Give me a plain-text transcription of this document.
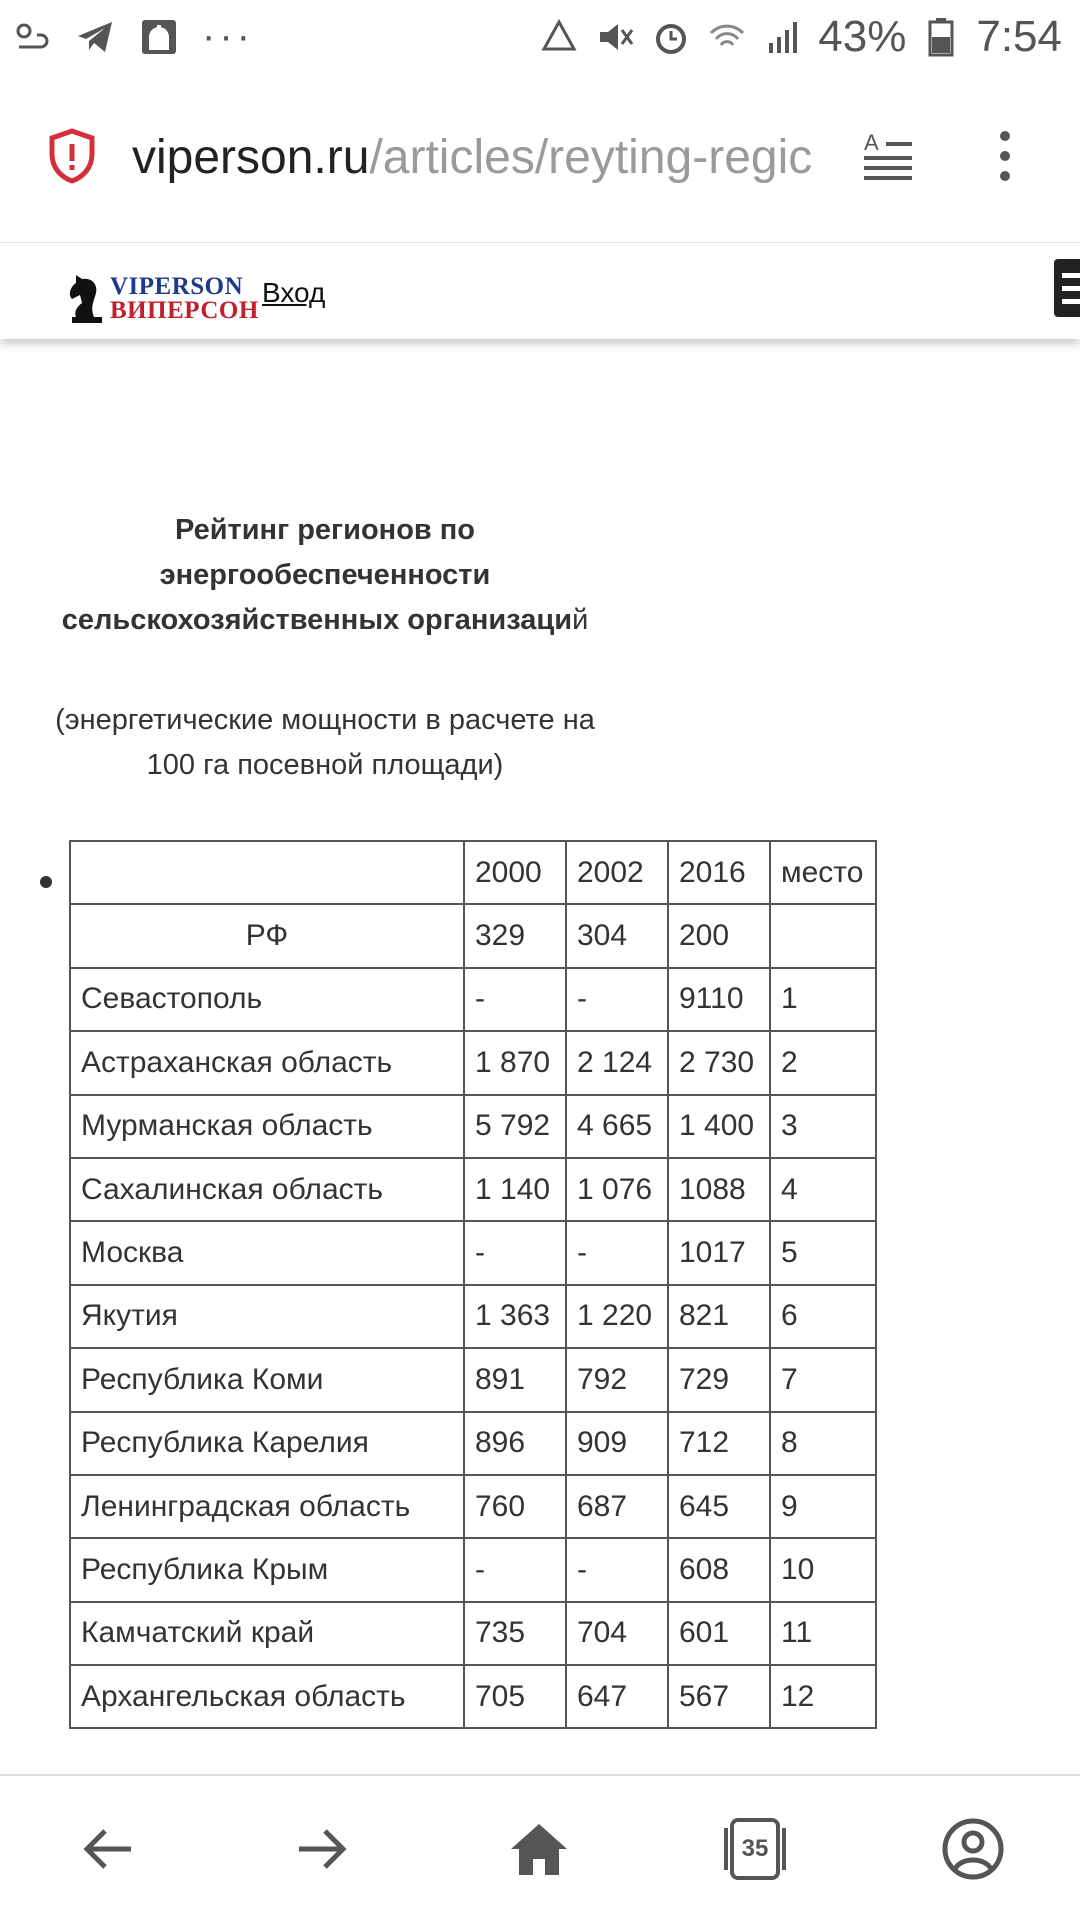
···	43% 7:54
viperson.ru/articles/reyting-regic	A
VIPERSON
ВИПЕРСОН
Вход
Рейтинг регионов по энергообеспеченности сельскохозяйственных организаций
(энергетические мощности в расчете на 100 га посевной площади)
	2000	2002	2016	место
РФ	329	304	200	
Севастополь	-	-	9110	1
Астраханская область	1 870	2 124	2 730	2
Мурманская область	5 792	4 665	1 400	3
Сахалинская область	1 140	1 076	1088	4
Москва	-	-	1017	5
Якутия	1 363	1 220	821	6
Республика Коми	891	792	729	7
Республика Карелия	896	909	712	8
Ленинградская область	760	687	645	9
Республика Крым	-	-	608	10
Камчатский край	735	704	601	11
Архангельская область	705	647	567	12
35
